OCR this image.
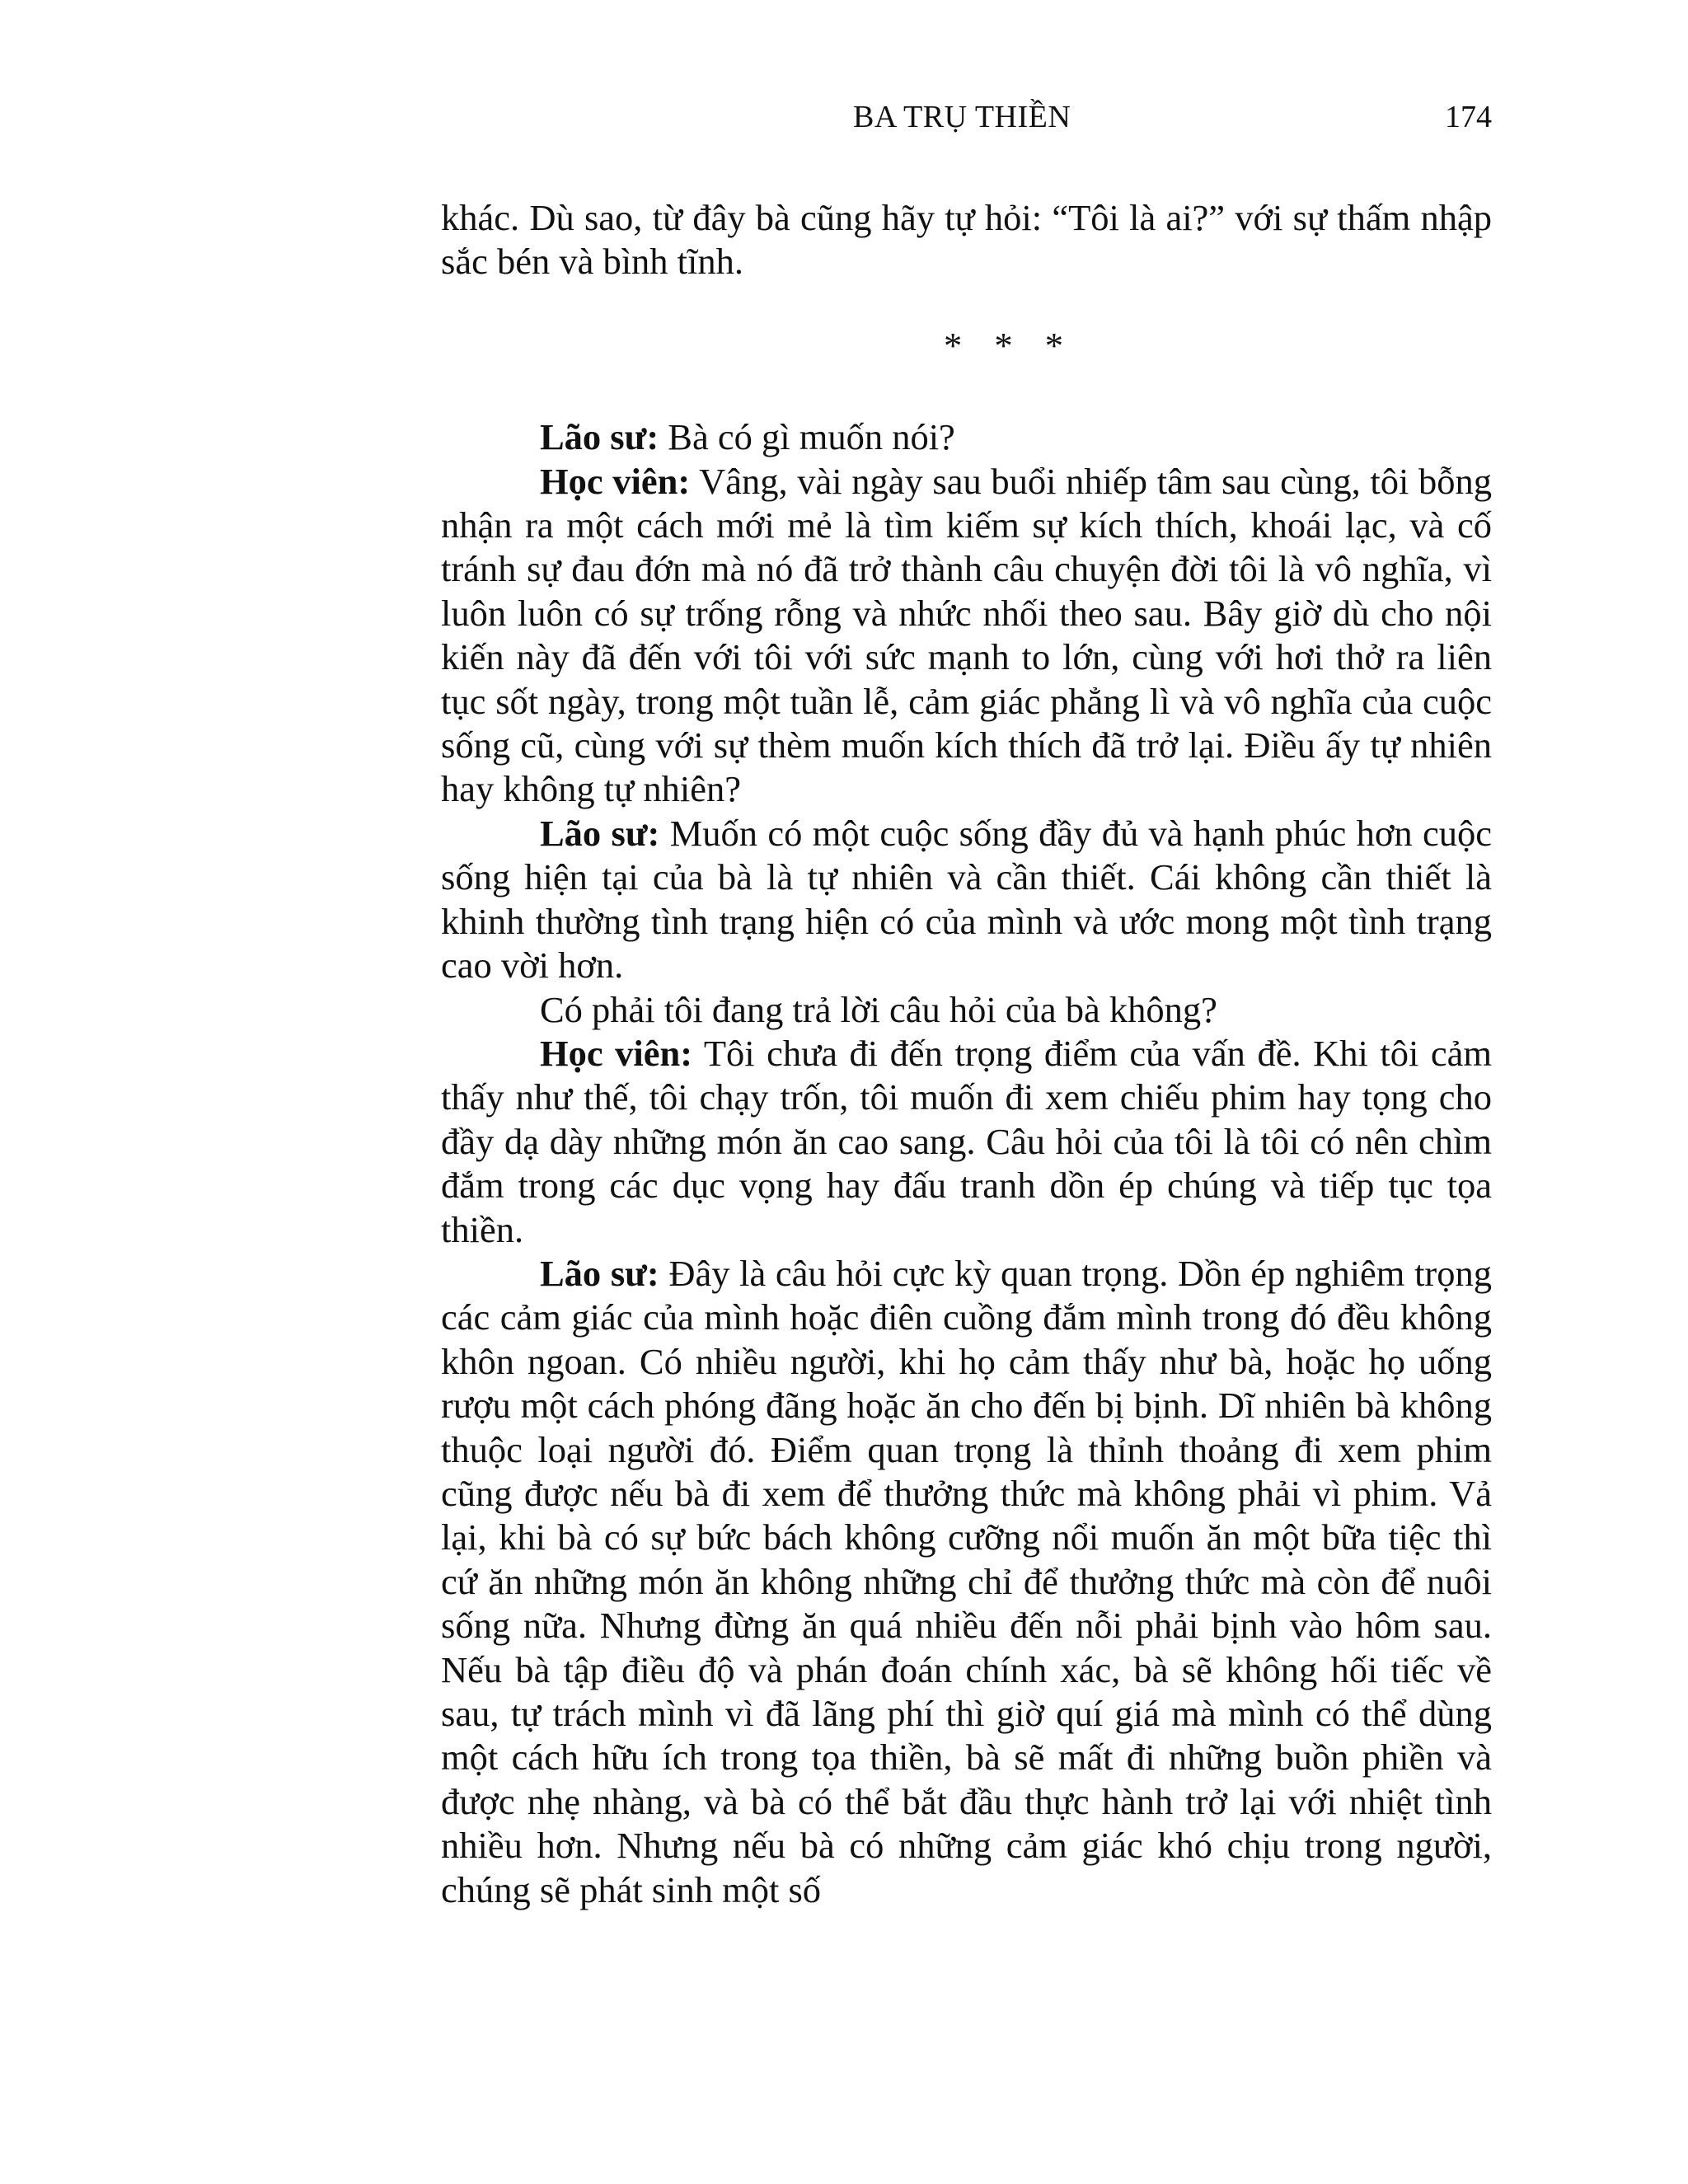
BA TRỤ THIỀN	174

khác. Dù sao, từ đây bà cũng hãy tự hỏi: “Tôi là ai?” với sự thấm nhập sắc bén và bình tĩnh.

* * *

Lão sư: Bà có gì muốn nói?

Học viên: Vâng, vài ngày sau buổi nhiếp tâm sau cùng, tôi bỗng nhận ra một cách mới mẻ là tìm kiếm sự kích thích, khoái lạc, và cố tránh sự đau đớn mà nó đã trở thành câu chuyện đời tôi là vô nghĩa, vì luôn luôn có sự trống rỗng và nhức nhối theo sau. Bây giờ dù cho nội kiến này đã đến với tôi với sức mạnh to lớn, cùng với hơi thở ra liên tục sốt ngày, trong một tuần lễ, cảm giác phẳng lì và vô nghĩa của cuộc sống cũ, cùng với sự thèm muốn kích thích đã trở lại. Điều ấy tự nhiên hay không tự nhiên?

Lão sư: Muốn có một cuộc sống đầy đủ và hạnh phúc hơn cuộc sống hiện tại của bà là tự nhiên và cần thiết. Cái không cần thiết là khinh thường tình trạng hiện có của mình và ước mong một tình trạng cao vời hơn.

Có phải tôi đang trả lời câu hỏi của bà không?

Học viên: Tôi chưa đi đến trọng điểm của vấn đề. Khi tôi cảm thấy như thế, tôi chạy trốn, tôi muốn đi xem chiếu phim hay tọng cho đầy dạ dày những món ăn cao sang. Câu hỏi của tôi là tôi có nên chìm đắm trong các dục vọng hay đấu tranh dồn ép chúng và tiếp tục tọa thiền.

Lão sư: Đây là câu hỏi cực kỳ quan trọng. Dồn ép nghiêm trọng các cảm giác của mình hoặc điên cuồng đắm mình trong đó đều không khôn ngoan. Có nhiều người, khi họ cảm thấy như bà, hoặc họ uống rượu một cách phóng đãng hoặc ăn cho đến bị bịnh. Dĩ nhiên bà không thuộc loại người đó. Điểm quan trọng là thỉnh thoảng đi xem phim cũng được nếu bà đi xem để thưởng thức mà không phải vì phim. Vả lại, khi bà có sự bức bách không cưỡng nổi muốn ăn một bữa tiệc thì cứ ăn những món ăn không những chỉ để thưởng thức mà còn để nuôi sống nữa. Nhưng đừng ăn quá nhiều đến nỗi phải bịnh vào hôm sau. Nếu bà tập điều độ và phán đoán chính xác, bà sẽ không hối tiếc về sau, tự trách mình vì đã lãng phí thì giờ quí giá mà mình có thể dùng một cách hữu ích trong tọa thiền, bà sẽ mất đi những buồn phiền và được nhẹ nhàng, và bà có thể bắt đầu thực hành trở lại với nhiệt tình nhiều hơn. Nhưng nếu bà có những cảm giác khó chịu trong người, chúng sẽ phát sinh một số
